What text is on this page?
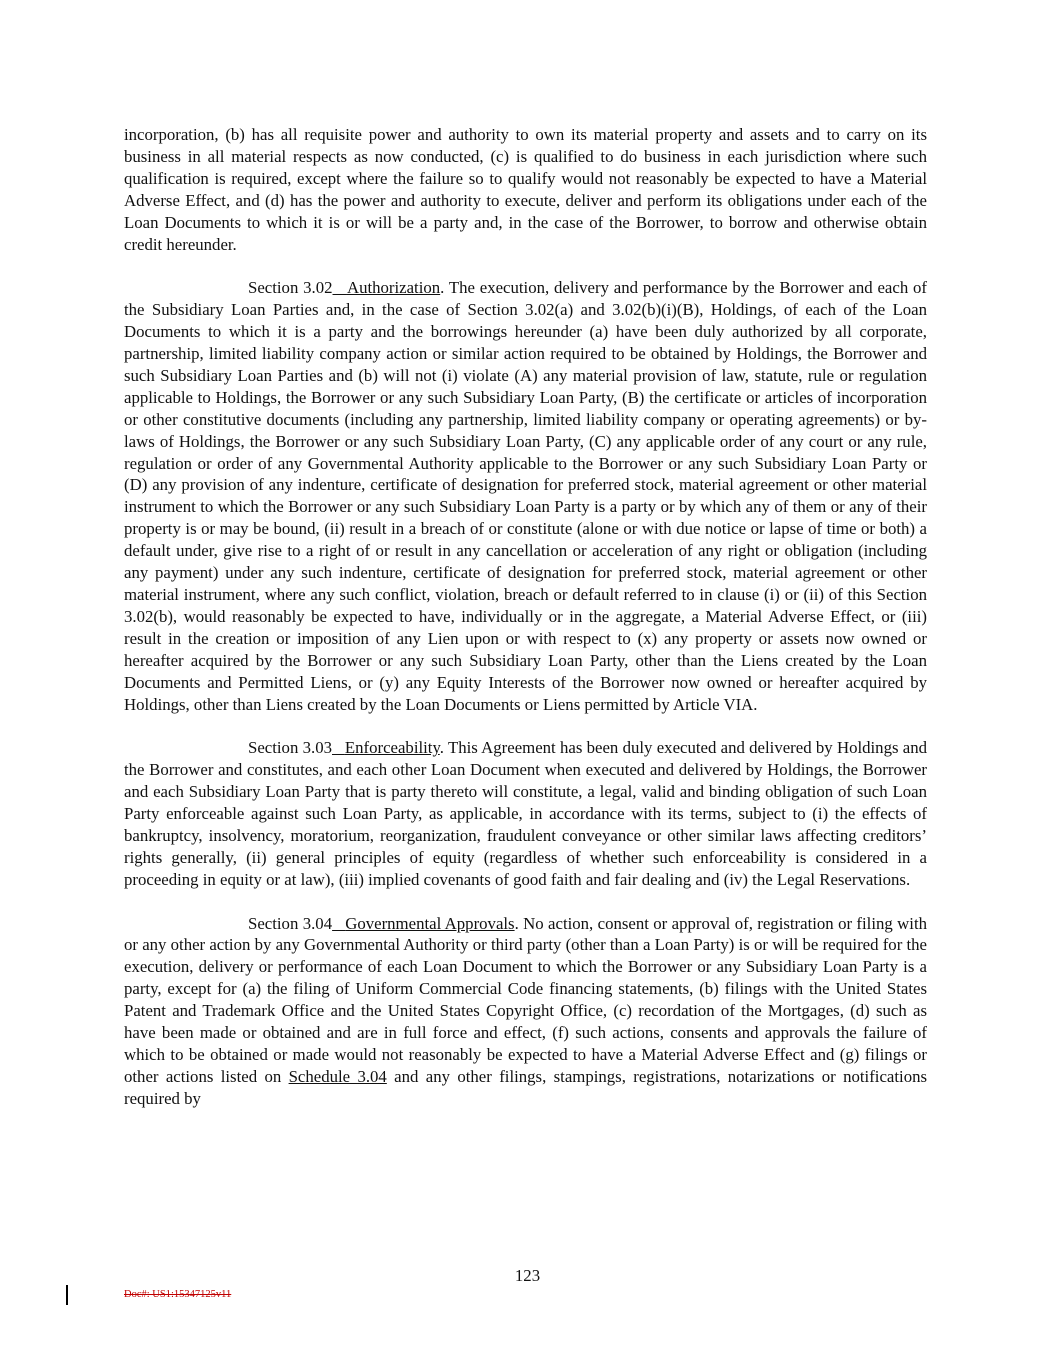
incorporation, (b) has all requisite power and authority to own its material property and assets and to carry on its business in all material respects as now conducted, (c) is qualified to do business in each jurisdiction where such qualification is required, except where the failure so to qualify would not reasonably be expected to have a Material Adverse Effect, and (d) has the power and authority to execute, deliver and perform its obligations under each of the Loan Documents to which it is or will be a party and, in the case of the Borrower, to borrow and otherwise obtain credit hereunder.

Section 3.02 Authorization. The execution, delivery and performance by the Borrower and each of the Subsidiary Loan Parties and, in the case of Section 3.02(a) and 3.02(b)(i)(B), Holdings, of each of the Loan Documents to which it is a party and the borrowings hereunder (a) have been duly authorized by all corporate, partnership, limited liability company action or similar action required to be obtained by Holdings, the Borrower and such Subsidiary Loan Parties and (b) will not (i) violate (A) any material provision of law, statute, rule or regulation applicable to Holdings, the Borrower or any such Subsidiary Loan Party, (B) the certificate or articles of incorporation or other constitutive documents (including any partnership, limited liability company or operating agreements) or by-laws of Holdings, the Borrower or any such Subsidiary Loan Party, (C) any applicable order of any court or any rule, regulation or order of any Governmental Authority applicable to the Borrower or any such Subsidiary Loan Party or (D) any provision of any indenture, certificate of designation for preferred stock, material agreement or other material instrument to which the Borrower or any such Subsidiary Loan Party is a party or by which any of them or any of their property is or may be bound, (ii) result in a breach of or constitute (alone or with due notice or lapse of time or both) a default under, give rise to a right of or result in any cancellation or acceleration of any right or obligation (including any payment) under any such indenture, certificate of designation for preferred stock, material agreement or other material instrument, where any such conflict, violation, breach or default referred to in clause (i) or (ii) of this Section 3.02(b), would reasonably be expected to have, individually or in the aggregate, a Material Adverse Effect, or (iii) result in the creation or imposition of any Lien upon or with respect to (x) any property or assets now owned or hereafter acquired by the Borrower or any such Subsidiary Loan Party, other than the Liens created by the Loan Documents and Permitted Liens, or (y) any Equity Interests of the Borrower now owned or hereafter acquired by Holdings, other than Liens created by the Loan Documents or Liens permitted by Article VIA.

Section 3.03 Enforceability. This Agreement has been duly executed and delivered by Holdings and the Borrower and constitutes, and each other Loan Document when executed and delivered by Holdings, the Borrower and each Subsidiary Loan Party that is party thereto will constitute, a legal, valid and binding obligation of such Loan Party enforceable against such Loan Party, as applicable, in accordance with its terms, subject to (i) the effects of bankruptcy, insolvency, moratorium, reorganization, fraudulent conveyance or other similar laws affecting creditors’ rights generally, (ii) general principles of equity (regardless of whether such enforceability is considered in a proceeding in equity or at law), (iii) implied covenants of good faith and fair dealing and (iv) the Legal Reservations.

Section 3.04 Governmental Approvals. No action, consent or approval of, registration or filing with or any other action by any Governmental Authority or third party (other than a Loan Party) is or will be required for the execution, delivery or performance of each Loan Document to which the Borrower or any Subsidiary Loan Party is a party, except for (a) the filing of Uniform Commercial Code financing statements, (b) filings with the United States Patent and Trademark Office and the United States Copyright Office, (c) recordation of the Mortgages, (d) such as have been made or obtained and are in full force and effect, (f) such actions, consents and approvals the failure of which to be obtained or made would not reasonably be expected to have a Material Adverse Effect and (g) filings or other actions listed on Schedule 3.04 and any other filings, stampings, registrations, notarizations or notifications required by

123
Doc#: US1:15347125v11
